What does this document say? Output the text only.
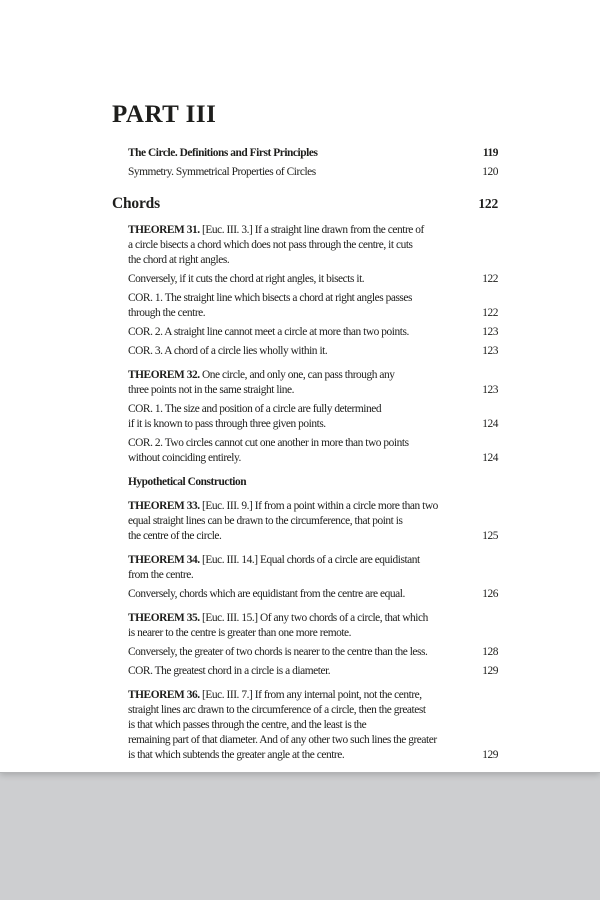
PART III
The Circle. Definitions and First Principles	119
Symmetry. Symmetrical Properties of Circles	120
Chords	122
THEOREM 31. [Euc. III. 3.] If a straight line drawn from the centre of
a circle bisects a chord which does not pass through the centre, it cuts
the chord at right angles.
Conversely, if it cuts the chord at right angles, it bisects it.	122
COR. 1. The straight line which bisects a chord at right angles passes
through the centre.	122
COR. 2. A straight line cannot meet a circle at more than two points.	123
COR. 3. A chord of a circle lies wholly within it.	123
THEOREM 32. One circle, and only one, can pass through any
three points not in the same straight line.	123
COR. 1. The size and position of a circle are fully determined
if it is known to pass through three given points.	124
COR. 2. Two circles cannot cut one another in more than two points
without coinciding entirely.	124
Hypothetical Construction
THEOREM 33. [Euc. III. 9.] If from a point within a circle more than two
equal straight lines can be drawn to the circumference, that point is
the centre of the circle.	125
THEOREM 34. [Euc. III. 14.] Equal chords of a circle are equidistant
from the centre.
Conversely, chords which are equidistant from the centre are equal.	126
THEOREM 35. [Euc. III. 15.] Of any two chords of a circle, that which
is nearer to the centre is greater than one more remote.
Conversely, the greater of two chords is nearer to the centre than the less.	128
COR. The greatest chord in a circle is a diameter.	129
THEOREM 36. [Euc. III. 7.] If from any internal point, not the centre,
straight lines arc drawn to the circumference of a circle, then the greatest
is that which passes through the centre, and the least is the
remaining part of that diameter. And of any other two such lines the greater
is that which subtends the greater angle at the centre.	129
